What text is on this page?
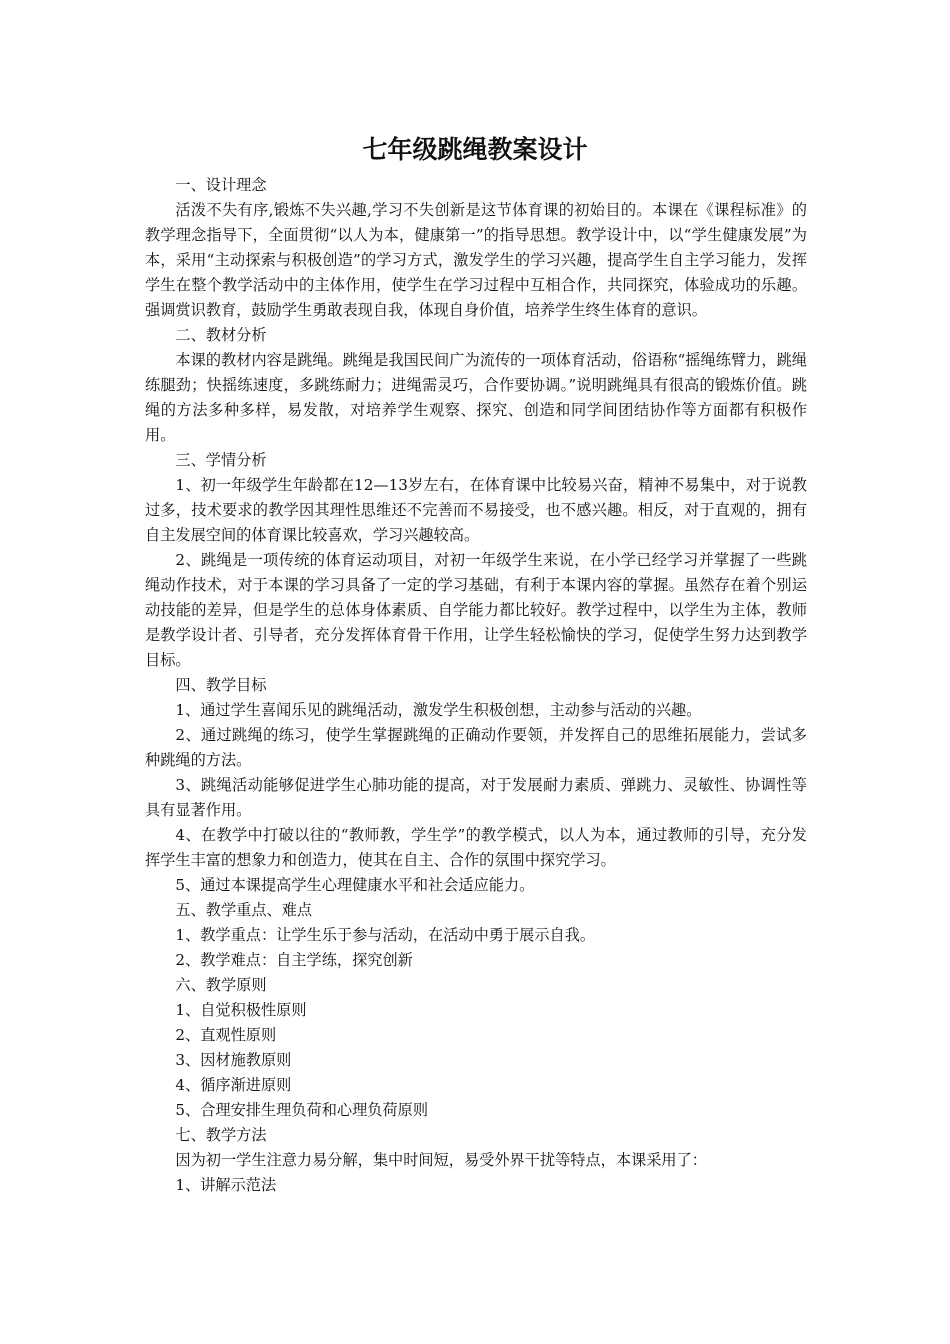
七年级跳绳教案设计

一、设计理念

活泼不失有序,锻炼不失兴趣,学习不失创新是这节体育课的初始目的。本课在《课程标准》的教学理念指导下，全面贯彻“以人为本，健康第一”的指导思想。教学设计中，以“学生健康发展”为本，采用“主动探索与积极创造”的学习方式，激发学生的学习兴趣，提高学生自主学习能力，发挥学生在整个教学活动中的主体作用，使学生在学习过程中互相合作，共同探究，体验成功的乐趣。强调赏识教育，鼓励学生勇敢表现自我，体现自身价值，培养学生终生体育的意识。

二、教材分析

本课的教材内容是跳绳。跳绳是我国民间广为流传的一项体育活动，俗语称“摇绳练臂力，跳绳练腿劲；快摇练速度，多跳练耐力；进绳需灵巧，合作要协调。”说明跳绳具有很高的锻炼价值。跳绳的方法多种多样，易发散，对培养学生观察、探究、创造和同学间团结协作等方面都有积极作用。

三、学情分析

1、初一年级学生年龄都在12—13岁左右，在体育课中比较易兴奋，精神不易集中，对于说教过多，技术要求的教学因其理性思维还不完善而不易接受，也不感兴趣。相反，对于直观的，拥有自主发展空间的体育课比较喜欢，学习兴趣较高。

2、跳绳是一项传统的体育运动项目，对初一年级学生来说，在小学已经学习并掌握了一些跳绳动作技术，对于本课的学习具备了一定的学习基础，有利于本课内容的掌握。虽然存在着个别运动技能的差异，但是学生的总体身体素质、自学能力都比较好。教学过程中，以学生为主体，教师是教学设计者、引导者，充分发挥体育骨干作用，让学生轻松愉快的学习，促使学生努力达到教学目标。

四、教学目标

1、通过学生喜闻乐见的跳绳活动，激发学生积极创想，主动参与活动的兴趣。

2、通过跳绳的练习，使学生掌握跳绳的正确动作要领，并发挥自己的思维拓展能力，尝试多种跳绳的方法。

3、跳绳活动能够促进学生心肺功能的提高，对于发展耐力素质、弹跳力、灵敏性、协调性等具有显著作用。

4、在教学中打破以往的“教师教，学生学”的教学模式，以人为本，通过教师的引导，充分发挥学生丰富的想象力和创造力，使其在自主、合作的氛围中探究学习。

5、通过本课提高学生心理健康水平和社会适应能力。

五、教学重点、难点

1、教学重点：让学生乐于参与活动，在活动中勇于展示自我。

2、教学难点：自主学练，探究创新

六、教学原则

1、自觉积极性原则

2、直观性原则

3、因材施教原则

4、循序渐进原则

5、合理安排生理负荷和心理负荷原则

七、教学方法

因为初一学生注意力易分解，集中时间短，易受外界干扰等特点，本课采用了：

1、讲解示范法
